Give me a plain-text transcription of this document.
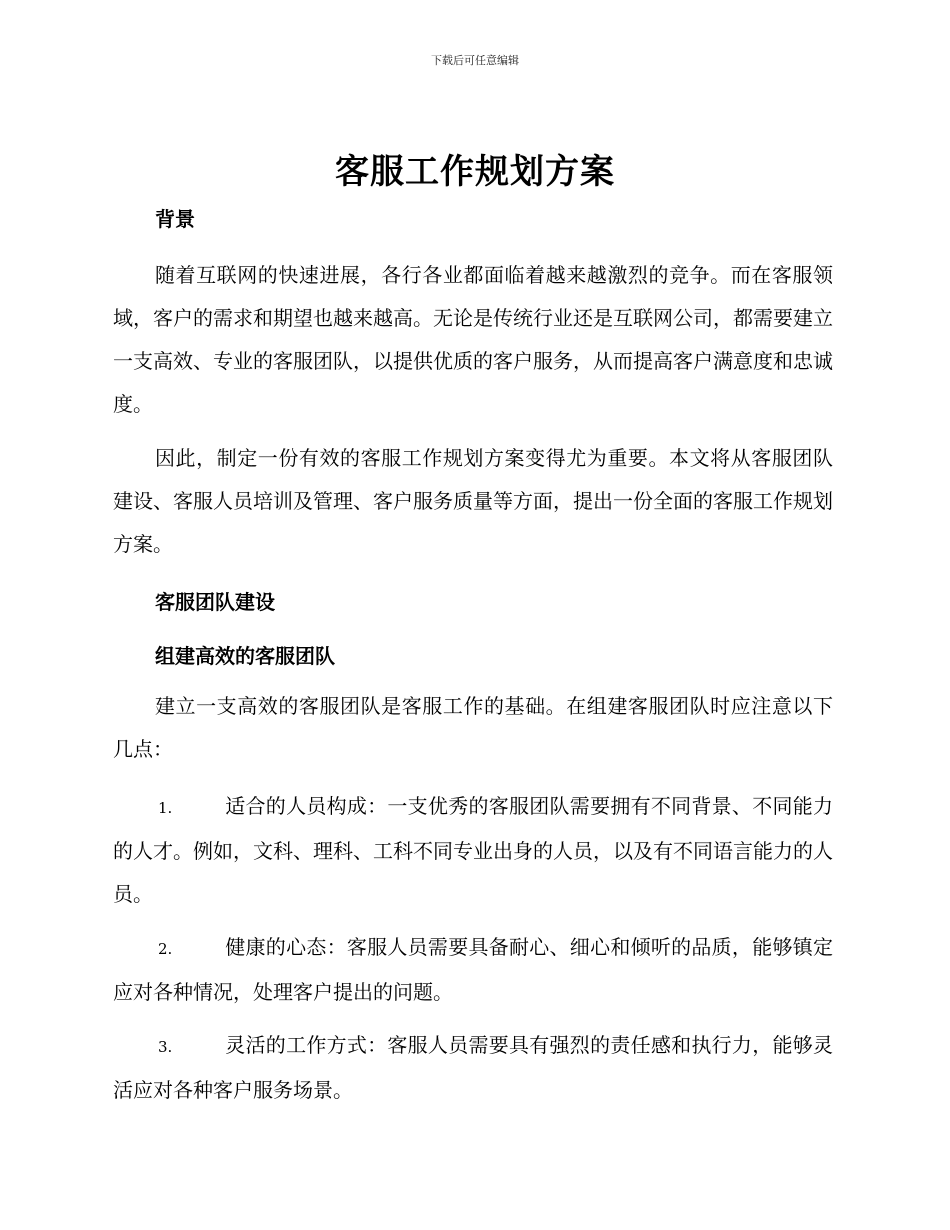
下载后可任意编辑
客服工作规划方案

背景

随着互联网的快速进展，各行各业都面临着越来越激烈的竞争。而在客服领域，客户的需求和期望也越来越高。无论是传统行业还是互联网公司，都需要建立一支高效、专业的客服团队，以提供优质的客户服务，从而提高客户满意度和忠诚度。

因此，制定一份有效的客服工作规划方案变得尤为重要。本文将从客服团队建设、客服人员培训及管理、客户服务质量等方面，提出一份全面的客服工作规划方案。

客服团队建设

组建高效的客服团队

建立一支高效的客服团队是客服工作的基础。在组建客服团队时应注意以下几点：

1.	适合的人员构成：一支优秀的客服团队需要拥有不同背景、不同能力的人才。例如，文科、理科、工科不同专业出身的人员，以及有不同语言能力的人员。

2.	健康的心态：客服人员需要具备耐心、细心和倾听的品质，能够镇定应对各种情况，处理客户提出的问题。

3.	灵活的工作方式：客服人员需要具有强烈的责任感和执行力，能够灵活应对各种客户服务场景。
